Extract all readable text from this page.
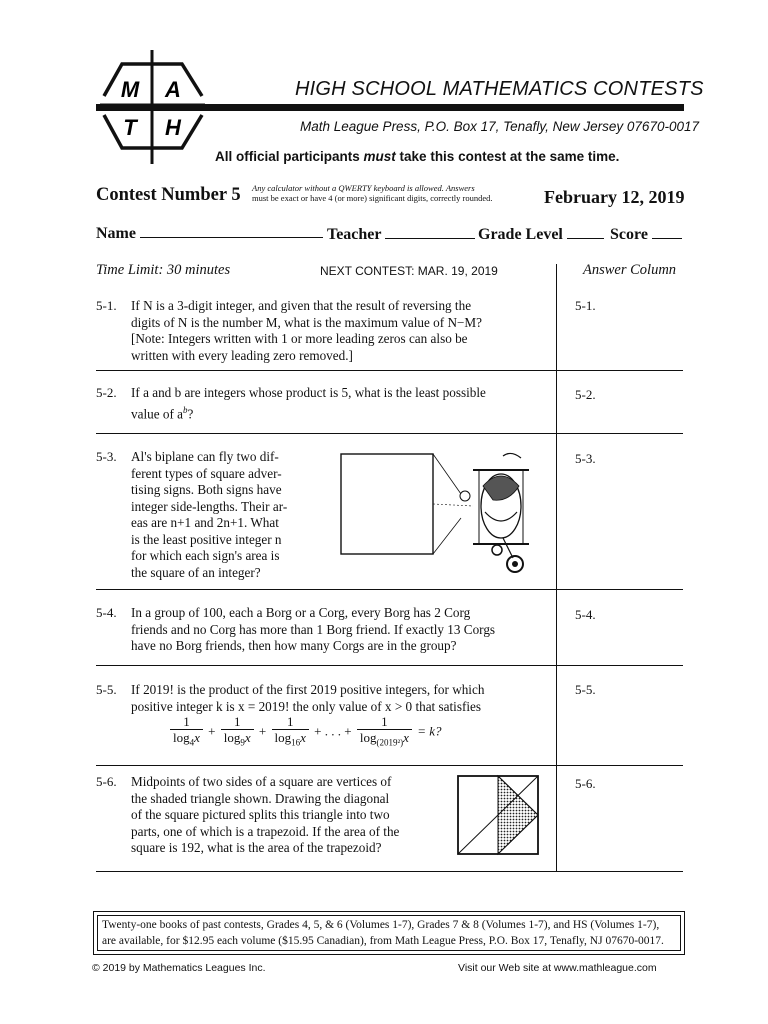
M A
T H
HIGH SCHOOL MATHEMATICS CONTESTS
Math League Press, P.O. Box 17, Tenafly, New Jersey 07670-0017
All official participants must take this contest at the same time.
Contest Number 5 Any calculator without a QWERTY keyboard is allowed. Answers
must be exact or have 4 (or more) significant digits, correctly rounded.	February 12, 2019
Name	Teacher	Grade Level	Score
Time Limit: 30 minutes	NEXT CONTEST: MAR. 19, 2019	Answer Column
5-1. If N is a 3-digit integer, and given that the result of reversing the
digits of N is the number M, what is the maximum value of N−M?
[Note: Integers written with 1 or more leading zeros can also be
written with every leading zero removed.]
5-1.
5-2. If a and b are integers whose product is 5, what is the least possible
value of $a^b$?
5-2.
5-3. Al's biplane can fly two dif-
ferent types of square adver-
tising signs. Both signs have
integer side-lengths. Their ar-
eas are n+1 and 2n+1. What
is the least positive integer n
for which each sign's area is
the square of an integer?
5-3.
5-4. In a group of 100, each a Borg or a Corg, every Borg has 2 Corg
friends and no Corg has more than 1 Borg friend. If exactly 13 Corgs
have no Borg friends, then how many Corgs are in the group?
5-4.
5-5. If 2019! is the product of the first 2019 positive integers, for which
positive integer k is x = 2019! the only value of x > 0 that satisfies
$\frac{1}{\log_4x} + \frac{1}{\log_9x} + \frac{1}{\log_{16}x}$ + . . . + $\frac{1}{\log_{(2019^2)}x} = k$?
5-5.
5-6. Midpoints of two sides of a square are vertices of
the shaded triangle shown. Drawing the diagonal
of the square pictured splits this triangle into two
parts, one of which is a trapezoid. If the area of the
square is 192, what is the area of the trapezoid?
5-6.
Twenty-one books of past contests, Grades 4, 5, & 6 (Volumes 1-7), Grades 7 & 8 (Volumes 1-7), and HS (Volumes 1-7),
are available, for $12.95 each volume ($15.95 Canadian), from Math League Press, P.O. Box 17, Tenafly, NJ 07670-0017.
© 2019 by Mathematics Leagues Inc.	Visit our Web site at www.mathleague.com
